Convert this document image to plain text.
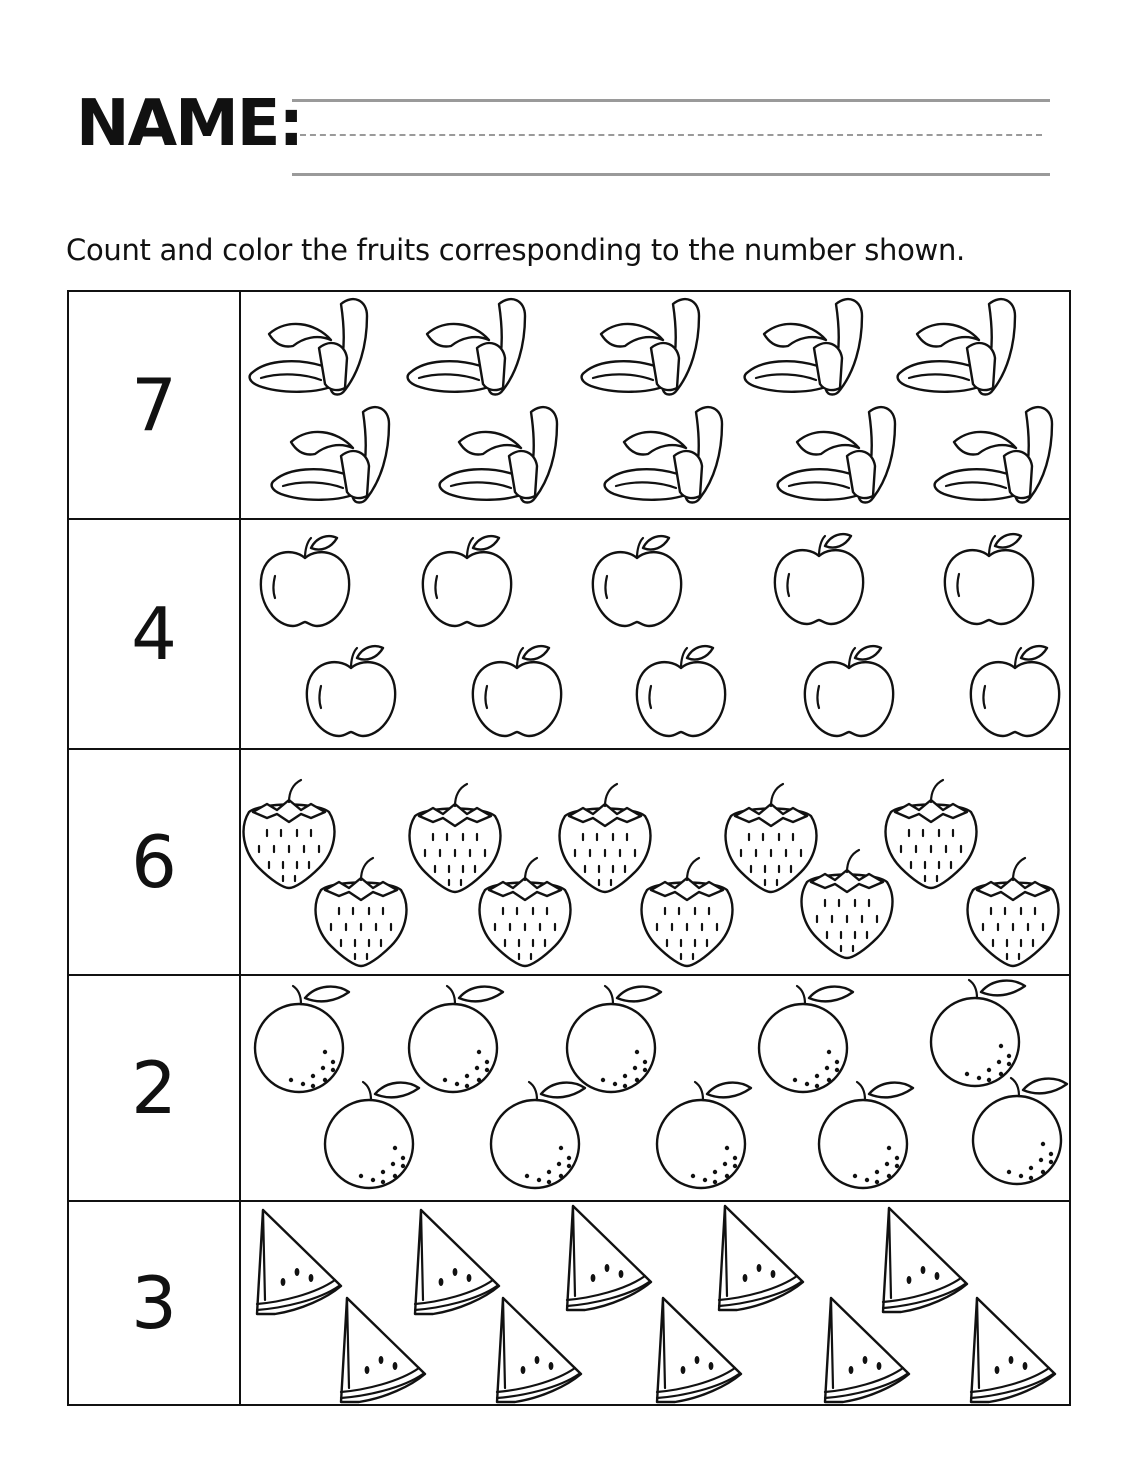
NAME:
Count and color the fruits corresponding to the number shown.
7
4
6
2
3
